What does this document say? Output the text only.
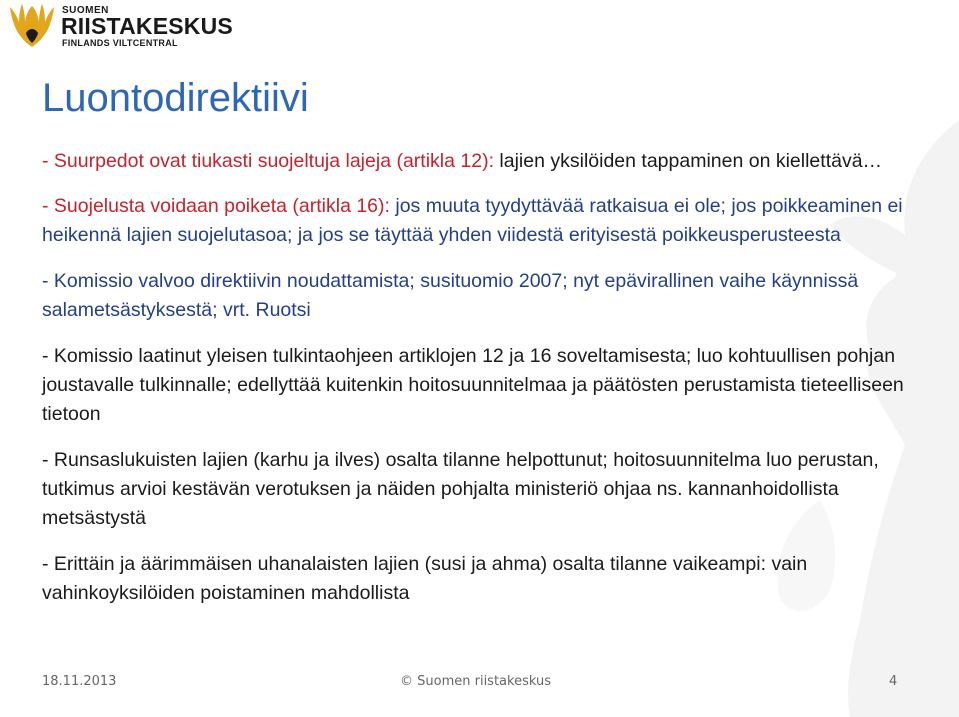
SUOMEN
RIISTAKESKUS
FINLANDS VILTCENTRAL
Luontodirektiivi

- Suurpedot ovat tiukasti suojeltuja lajeja (artikla 12): lajien yksilöiden tappaminen on kiellettävä…

- Suojelusta voidaan poiketa (artikla 16): jos muuta tyydyttävää ratkaisua ei ole; jos poikkeaminen ei heikennä lajien suojelutasoa; ja jos se täyttää yhden viidestä erityisestä poikkeusperusteesta

- Komissio valvoo direktiivin noudattamista; susituomio 2007; nyt epävirallinen vaihe käynnissä salametsästyksestä; vrt. Ruotsi

- Komissio laatinut yleisen tulkintaohjeen artiklojen 12 ja 16 soveltamisesta; luo kohtuullisen pohjan joustavalle tulkinnalle; edellyttää kuitenkin hoitosuunnitelmaa ja päätösten perustamista tieteelliseen tietoon

- Runsaslukuisten lajien (karhu ja ilves) osalta tilanne helpottunut; hoitosuunnitelma luo perustan, tutkimus arvioi kestävän verotuksen ja näiden pohjalta ministeriö ohjaa ns. kannanhoidollista metsästystä

- Erittäin ja äärimmäisen uhanalaisten lajien (susi ja ahma) osalta tilanne vaikeampi: vain vahinkoyksilöiden poistaminen mahdollista

18.11.2013	© Suomen riistakeskus	4
